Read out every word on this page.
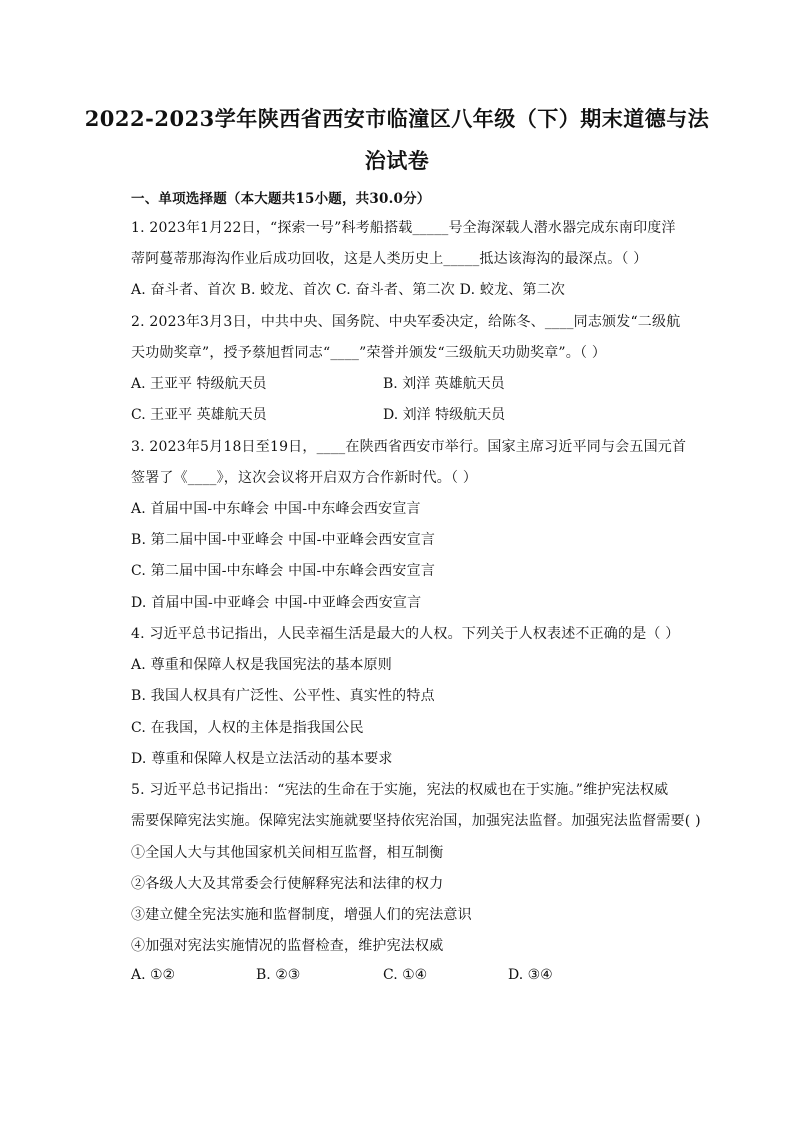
2022-2023学年陕西省西安市临潼区八年级（下）期末道德与法
治试卷
一、单项选择题（本大题共15小题，共30.0分）
1. 2023年1月22日，“探索一号”科考船搭载_____号全海深载人潜水器完成东南印度洋
蒂阿蔓蒂那海沟作业后成功回收，这是人类历史上_____抵达该海沟的最深点。（ ）
A. 奋斗者、首次 B. 蛟龙、首次 C. 奋斗者、第二次 D. 蛟龙、第二次
2. 2023年3月3日，中共中央、国务院、中央军委决定，给陈冬、____同志颁发“二级航
天功勋奖章”，授予蔡旭哲同志“____”荣誉并颁发“三级航天功勋奖章”。（ ）
A. 王亚平 特级航天员	B. 刘洋 英雄航天员
C. 王亚平 英雄航天员	D. 刘洋 特级航天员
3. 2023年5月18日至19日，____在陕西省西安市举行。国家主席习近平同与会五国元首
签署了《____》，这次会议将开启双方合作新时代。（ ）
A. 首届中国-中东峰会 中国-中东峰会西安宣言
B. 第二届中国-中亚峰会 中国-中亚峰会西安宣言
C. 第二届中国-中东峰会 中国-中东峰会西安宣言
D. 首届中国-中亚峰会 中国-中亚峰会西安宣言
4. 习近平总书记指出，人民幸福生活是最大的人权。下列关于人权表述不正确的是（ ）
A. 尊重和保障人权是我国宪法的基本原则
B. 我国人权具有广泛性、公平性、真实性的特点
C. 在我国，人权的主体是指我国公民
D. 尊重和保障人权是立法活动的基本要求
5. 习近平总书记指出：“宪法的生命在于实施，宪法的权威也在于实施。”维护宪法权威
需要保障宪法实施。保障宪法实施就要坚持依宪治国，加强宪法监督。加强宪法监督需要( )
①全国人大与其他国家机关间相互监督，相互制衡
②各级人大及其常委会行使解释宪法和法律的权力
③建立健全宪法实施和监督制度，增强人们的宪法意识
④加强对宪法实施情况的监督检查，维护宪法权威
A. ①②	B. ②③	C. ①④	D. ③④
